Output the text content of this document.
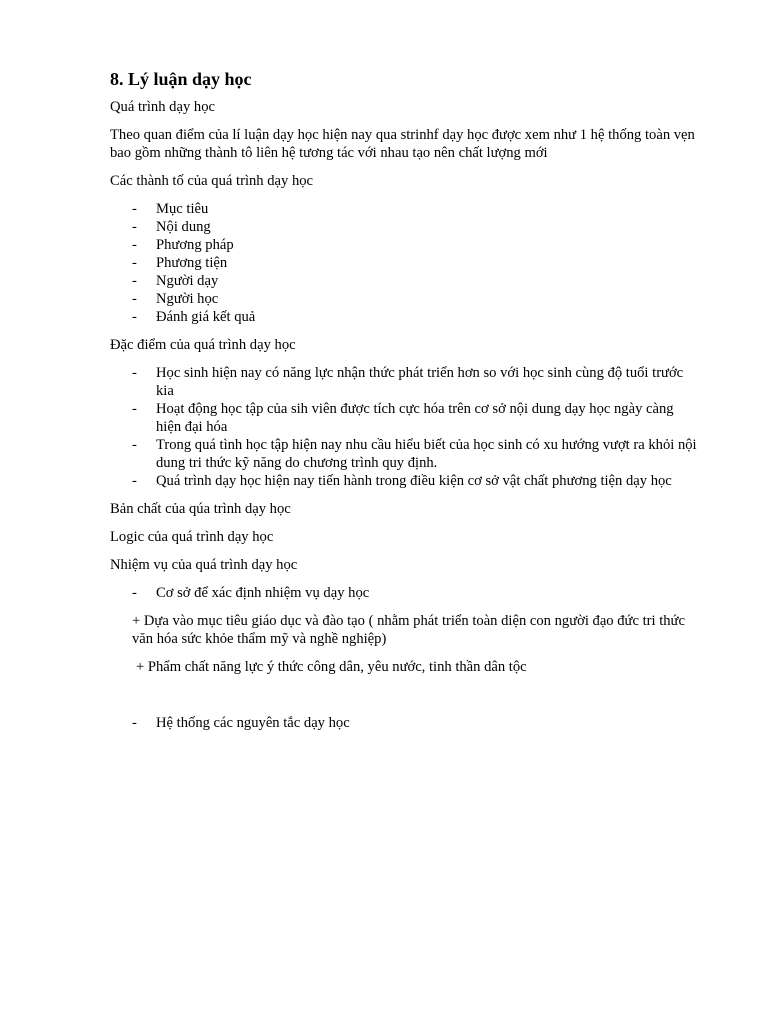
8. Lý luận dạy học

Quá trình dạy học

Theo quan điểm của lí luận dạy học hiện nay qua strinhf dạy học được xem như 1 hệ thống toàn vẹn bao gồm những thành tô liên hệ tương tác với nhau tạo nên chất lượng mới

Các thành tố của quá trình dạy học

- Mục tiêu
- Nội dung
- Phương pháp
- Phương tiện
- Người dạy
- Người học
- Đánh giá kết quả

Đặc điểm của quá trình dạy học

- Học sinh hiện nay có năng lực nhận thức phát triển hơn so với học sinh cùng độ tuổi trước kia
- Hoạt động học tập của sih viên được tích cực hóa trên cơ sở nội dung dạy học ngày càng hiện đại hóa
- Trong quá tình học tập hiện nay nhu cầu hiểu biết của học sinh có xu hướng vượt ra khỏi nội dung tri thức kỹ năng do chương trình quy định.
- Quá trình dạy học hiện nay tiến hành trong điều kiện cơ sở vật chất phương tiện dạy học

Bản chất của qúa trình dạy học

Logic của quá trình dạy học

Nhiệm vụ của quá trình dạy học

- Cơ sở để xác định nhiệm vụ dạy học

+ Dựa vào mục tiêu giáo dục và đào tạo ( nhằm phát triển toàn diện con người đạo đức tri thức văn hóa sức khỏe thẩm mỹ và nghề nghiệp)

+ Phẩm chất năng lực ý thức công dân, yêu nước, tinh thần dân tộc

- Hệ thống các nguyên tắc dạy học
